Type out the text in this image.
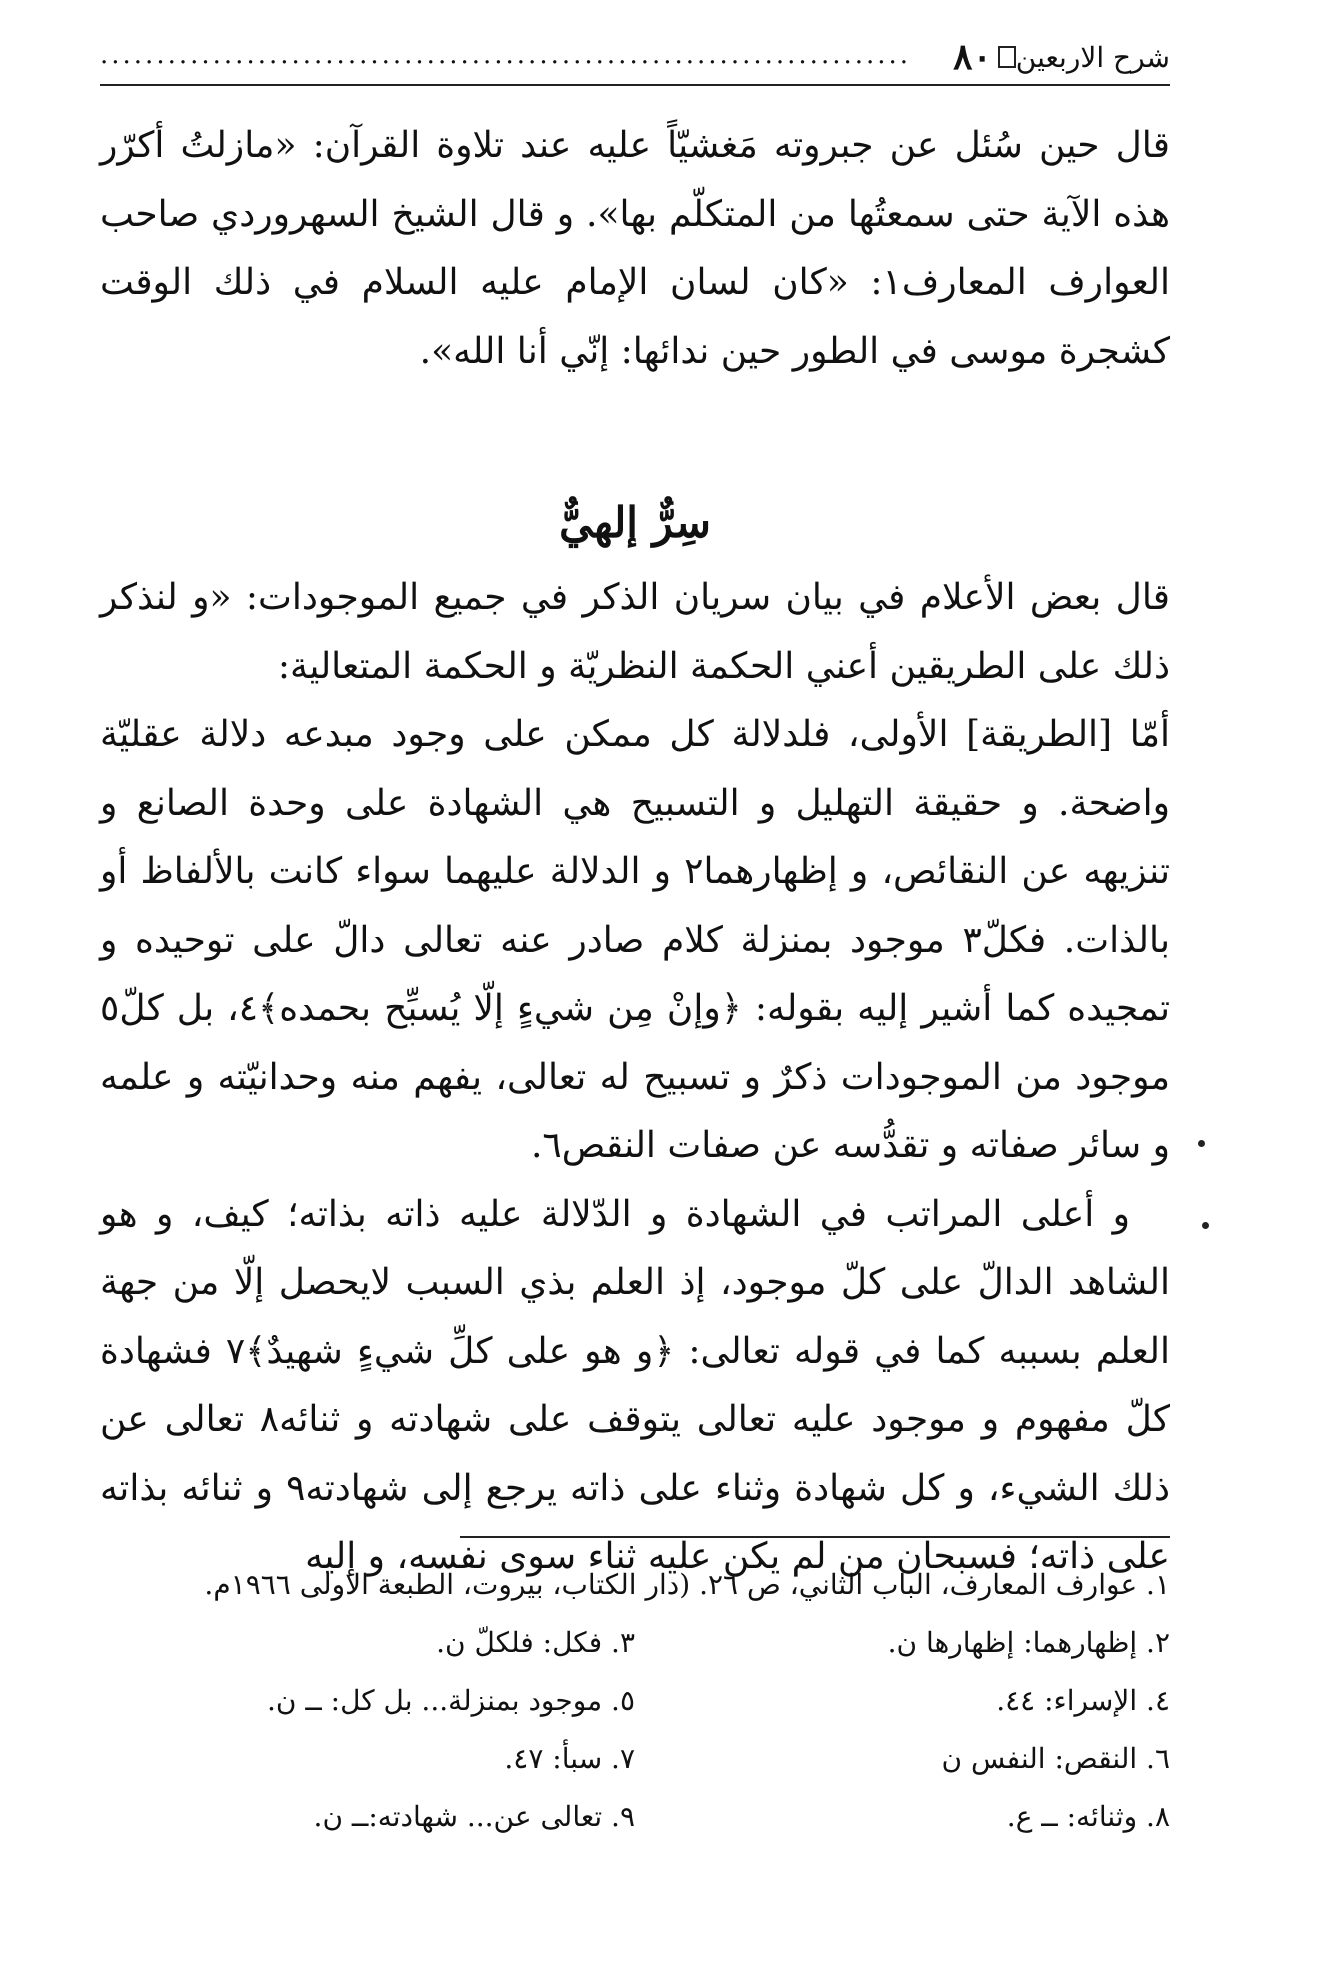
٨٠ شرح الاربعين
........................................................................

قال حين سُئل عن جبروته مَغشيّاً عليه عند تلاوة القرآن: «مازلتُ أكرّر هذه الآية حتى سمعتُها من المتكلّم بها». و قال الشيخ السهروردي صاحب العوارف المعارف١: «كان لسان الإمام عليه السلام في ذلك الوقت كشجرة موسى في الطور حين ندائها: إنّي أنا الله».

سِرٌّ إلهيٌّ

قال بعض الأعلام في بيان سريان الذكر في جميع الموجودات: «و لنذكر ذلك على الطريقين أعني الحكمة النظريّة و الحكمة المتعالية:

أمّا [الطريقة] الأولى، فلدلالة كل ممكن على وجود مبدعه دلالة عقليّة واضحة. و حقيقة التهليل و التسبيح هي الشهادة على وحدة الصانع و تنزيهه عن النقائص، و إظهارهما٢ و الدلالة عليهما سواء كانت بالألفاظ أو بالذات. فكلّ٣ موجود بمنزلة كلام صادر عنه تعالى دالّ على توحيده و تمجيده كما أشير إليه بقوله: ﴿وإنْ مِن شيءٍ إلّا يُسبِّح بحمده﴾٤، بل كلّ٥ موجود من الموجودات ذكرٌ و تسبيح له تعالى، يفهم منه وحدانيّته و علمه و سائر صفاته و تقدُّسه عن صفات النقص٦.

و أعلى المراتب في الشهادة و الدّلالة عليه ذاته بذاته؛ كيف، و هو الشاهد الدالّ على كلّ موجود، إذ العلم بذي السبب لايحصل إلّا من جهة العلم بسببه كما في قوله تعالى: ﴿و هو على كلِّ شيءٍ شهيدٌ﴾٧ فشهادة كلّ مفهوم و موجود عليه تعالى يتوقف على شهادته و ثنائه٨ تعالى عن ذلك الشيء، و كل شهادة وثناء على ذاته يرجع إلى شهادته٩ و ثنائه بذاته على ذاته؛ فسبحان من لم يكن عليه ثناء سوى نفسه، و إليه

١. عوارف المعارف، الباب الثاني، ص ٢٦. (دار الكتاب، بيروت، الطبعة الاولى ١٩٦٦م.
٢. إظهارهما: إظهارها ن.
٣. فكل: فلكلّ ن.
٤. الإسراء: ٤٤.
٥. موجود بمنزلة... بل كل: ــ ن.
٦. النقص: النفس ن
٧. سبأ: ٤٧.
٨. وثنائه: ــ ع.
٩. تعالى عن... شهادته:ــ ن.
